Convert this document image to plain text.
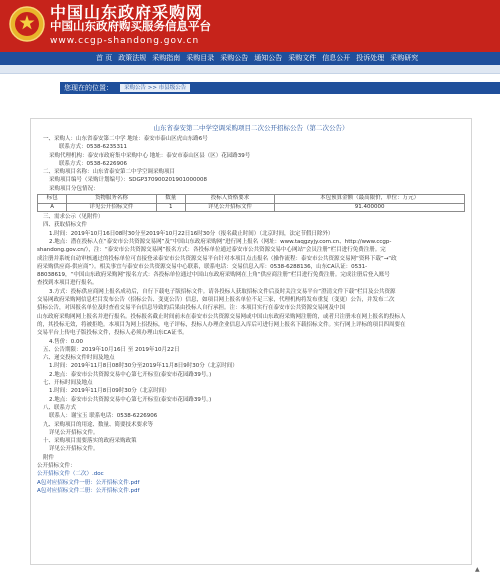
中国山东政府采购网
中国山东政府购买服务信息平台
www.ccgp-shandong.gov.cn
首 页 政策法规 采购指南 采购目录 采购公告 通知公告 采购文件 信息公开 投诉处理 采购研究
您现在的位置：	采购公告 >> 市县级公告
山东省泰安第二中学空调采购项目二次公开招标公告（第二次公告）
一、采购人：山东省泰安第二中学 地址：泰安市泰山区虎山东路6号
联系方式：0538-6235311
采购代理机构：泰安市政府集中采购中心 地址：泰安市泰山区县（区）花园路39号
联系方式：0538-6226906
二、采购项目名称：山东省泰安第二中学空调采购项目
采购项目编号（采购计划编号）：SDGP370900201901000008
采购项目分包情况：
标包	货物服务名称	数量	投标人资格要求	本包预算金额（最高限价，单位：万元）
A	详见公开招标文件	1	详见公开招标文件	91.400000
三、需求公示（见附件）
四、获取招标文件
1.时间：2019年10月16日08时30分至2019年10月22日16时30分（报名截止时间）（北京时间，法定节假日除外）
2.地点：潜在投标人在“泰安市公共资源交易网”及“中国山东政府采购网”进行网上报名（网址：www.taqgzyjy.com.cn、http://www.ccgp-
shandong.gov.cn/），注：“泰安市公共资源交易网”报名方式：各投标单位通过泰安市公共资源交易中心网站“会员注册”栏目进行免费注册。完
成注册并系统自动审核通过的投标单位可直接登录泰安市公共资源交易平台针对本项目点击报名（操作流程：泰安市公共资源交易网“资料下载”→“政
府采购供应商-供应商”）。相关事宜与泰安市公共资源交易中心联系，联系电话：交易信息入库：0538-6288136，山东CA认证：0531-
88038619，“中国山东政府采购网”报名方式：各投标单位通过中国山东政府采购网在上角“供应商注册”栏目进行免费注册。完成注册后登入账号
查找到本项目进行报名。
3.方式：投标供应商网上报名成功后，自行下载电子版招标文件。请各投标人获取招标文件后及时关注交易平台“澄清文件下载”栏目及公共资源
交易网政府采购网信息栏目发布公告（招标公告、变更公告）信息，如项目网上报名单位不足三家，代理机构将发布重复（变更）公告，并发布二次
招标公告，对因报名单位及时查看交易平台信息导致的后果由投标人自行承担。注：本项目实行在泰安市公共资源交易网及中国
山东政府采购网网上报名并进行报名。投标报名截止时间前未在泰安市公共资源交易网或中国山东政府采购网注册的，或者只注册未在网上报名的投标人
的，其投标无效，将被拒绝。本项目为网上招投标，电子评标，投标人办理企业信息入库后可进行网上报名下载招标文件。实行网上评标的项目四周要在
交易平台上传电子版投标文件，投标人必须办理山东CA证书。
4.售价：0.00
五、公告期限：2019年10月16日 至 2019年10月22日
六、递交投标文件时间及地点
1.时间：2019年11月8日08时30分至2019年11月8日9时30分（北京时间）
2.地点：泰安市公共资源交易中心第七开标室(泰安市花园路39号。)
七、开标时间及地点
1.时间：2019年11月8日09时30分（北京时间）
2.地点：泰安市公共资源交易中心第七开标室(泰安市花园路39号。)
八、联系方式
联系人：谢宝玉 联系电话：0538-6226906
九、采购项目的用途、数量、简要技术要求等
详见公开招标文件。
十、采购项目需要落实的政府采购政策
详见公开招标文件。
附件
公开招标文件：
公开招标文件（二次）.doc
A包对应招标文件一册：公开招标文件.pdf
A包对应招标文件二册：公开招标文件.pdf
▲
